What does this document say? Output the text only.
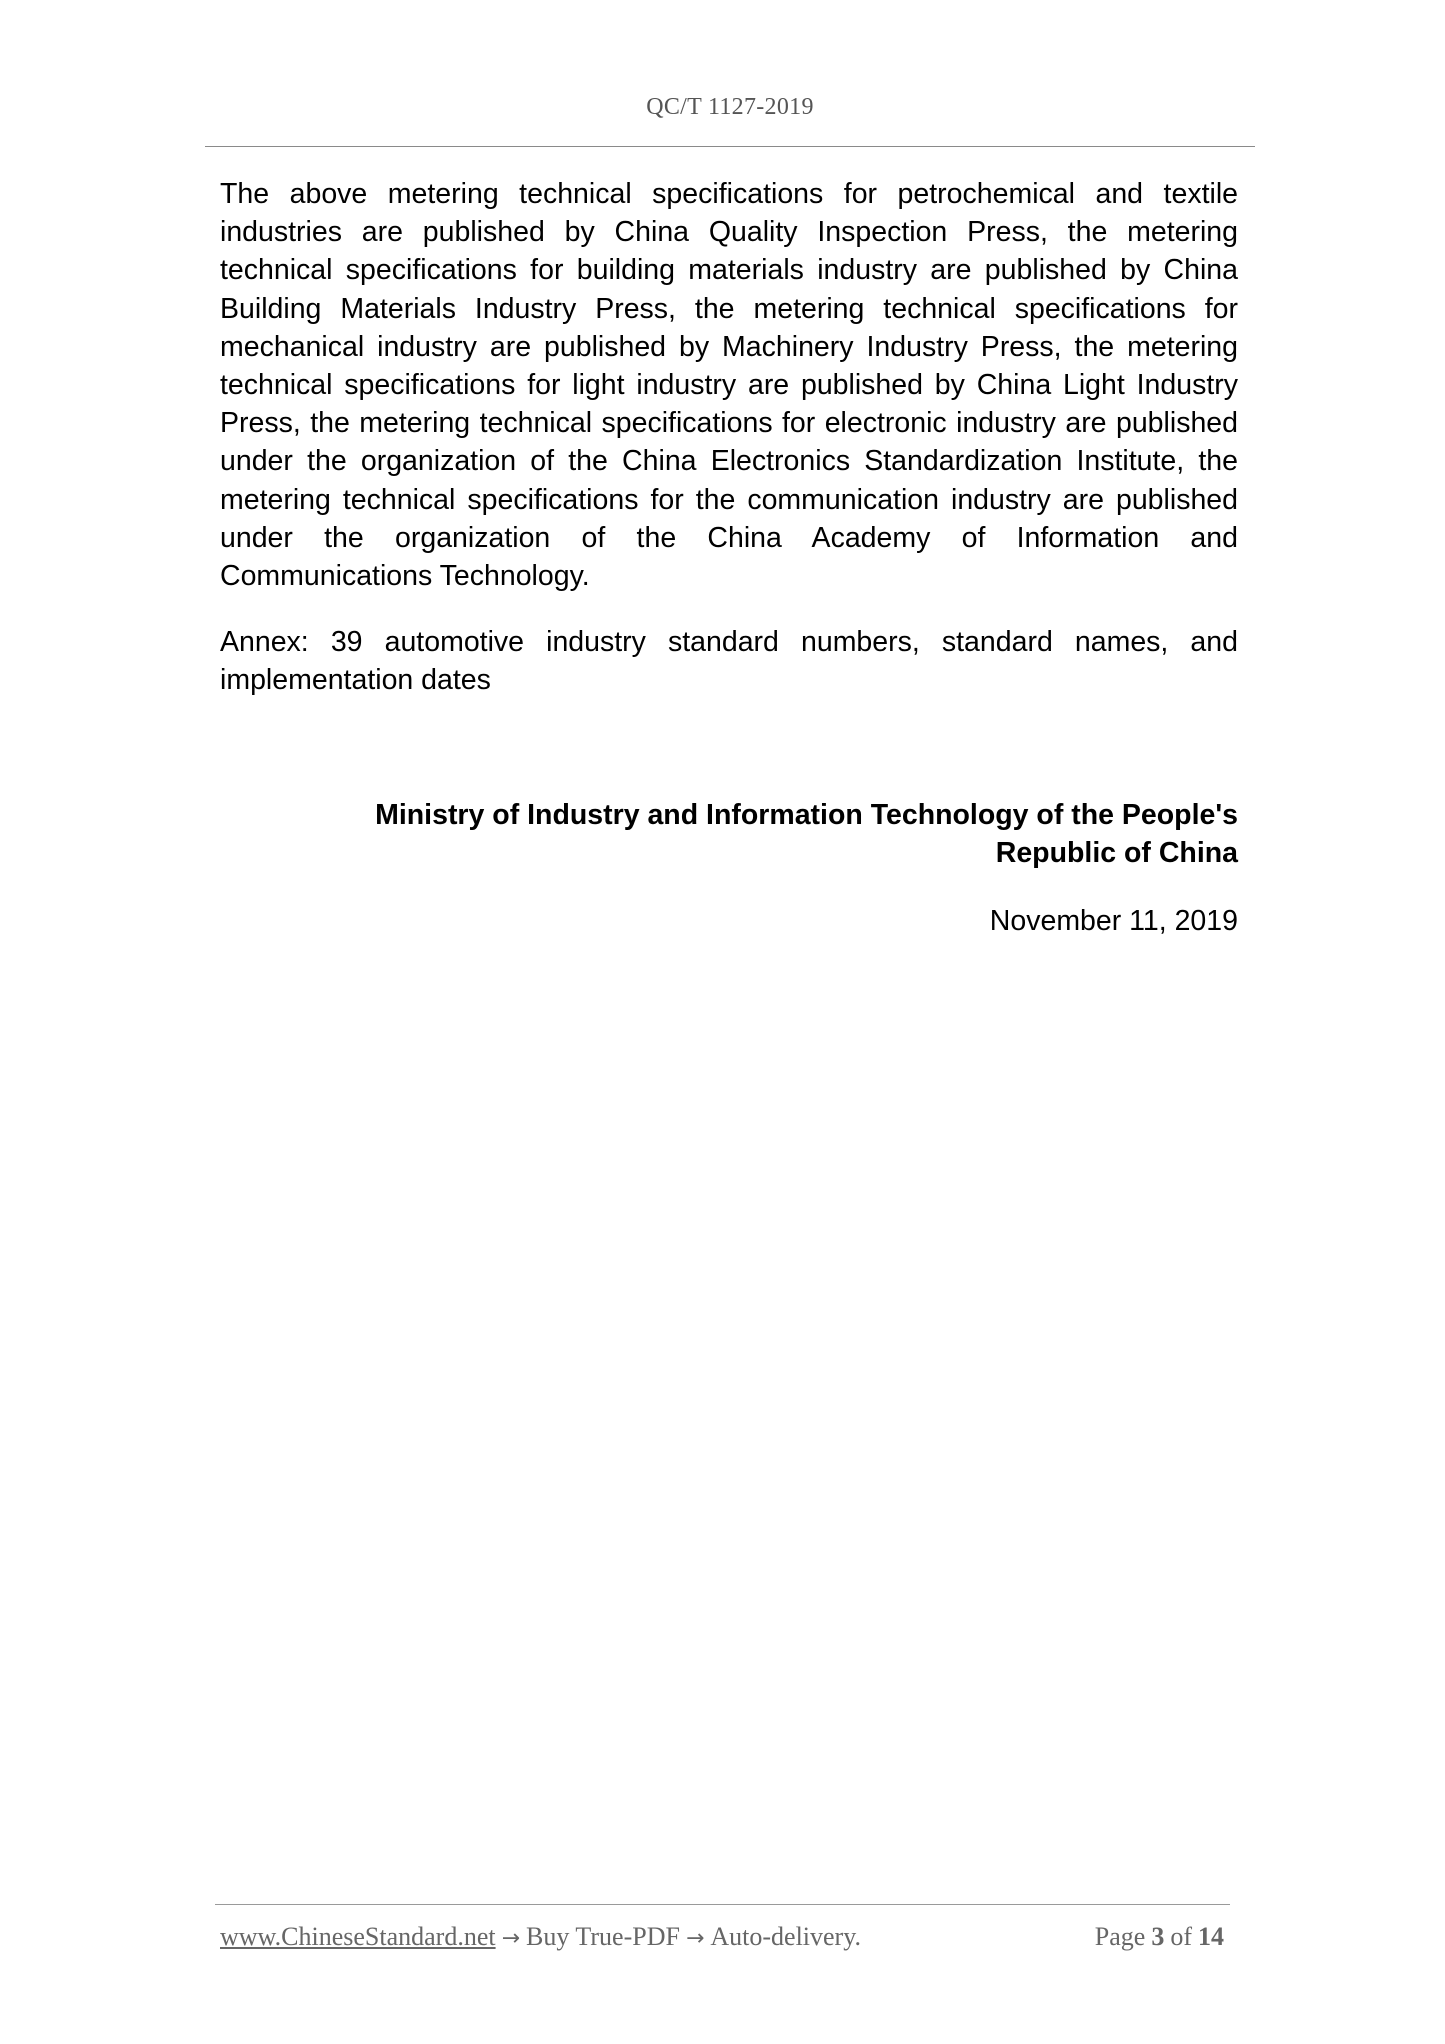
QC/T 1127-2019

The above metering technical specifications for petrochemical and textile industries are published by China Quality Inspection Press, the metering technical specifications for building materials industry are published by China Building Materials Industry Press, the metering technical specifications for mechanical industry are published by Machinery Industry Press, the metering technical specifications for light industry are published by China Light Industry Press, the metering technical specifications for electronic industry are published under the organization of the China Electronics Standardization Institute, the metering technical specifications for the communication industry are published under the organization of the China Academy of Information and Communications Technology.

Annex: 39 automotive industry standard numbers, standard names, and implementation dates

Ministry of Industry and Information Technology of the People's
Republic of China
November 11, 2019
www.ChineseStandard.net → Buy True-PDF → Auto-delivery.	Page 3 of 14
